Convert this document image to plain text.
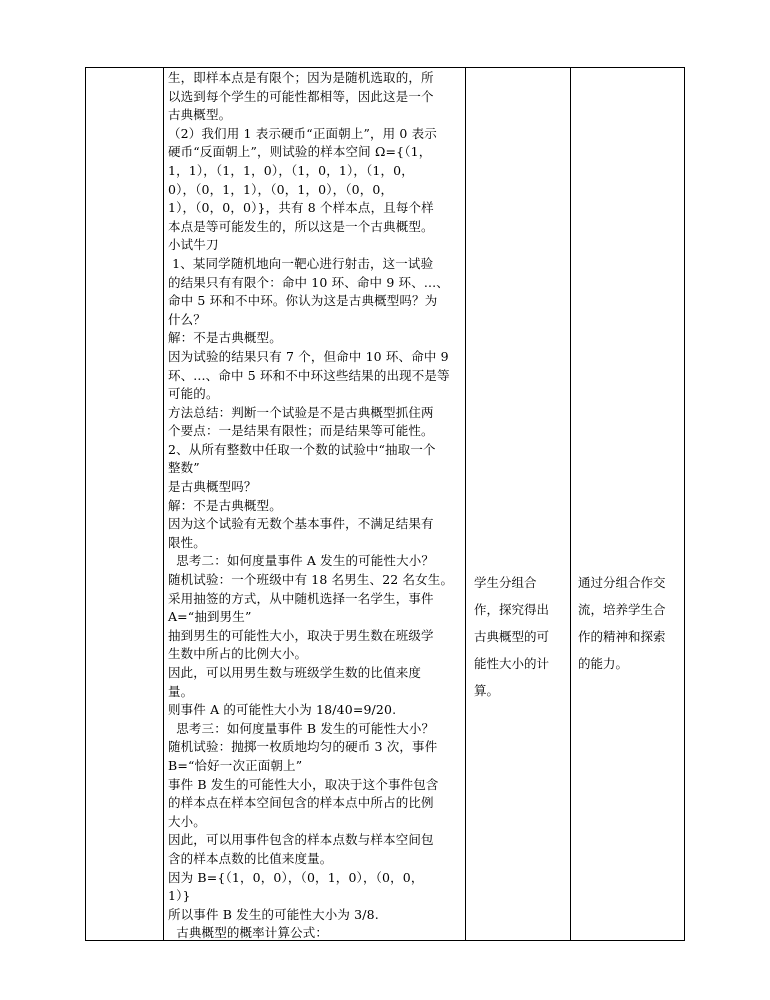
生，即样本点是有限个；因为是随机选取的，所
以选到每个学生的可能性都相等，因此这是一个
古典概型。
（2）我们用 1 表示硬币“正面朝上”，用 0 表示
硬币“反面朝上”，则试验的样本空间 Ω={（1，
1，1），（1，1，0），（1，0，1），（1，0，
0），（0，1，1），（0，1，0），（0，0，
1），（0，0，0）}，共有 8 个样本点，且每个样
本点是等可能发生的，所以这是一个古典概型。
小试牛刀
1、某同学随机地向一靶心进行射击，这一试验
的结果只有有限个：命中 10 环、命中 9 环、...、
命中 5 环和不中环。你认为这是古典概型吗？为
什么？
解：不是古典概型。
因为试验的结果只有 7 个，但命中 10 环、命中 9
环、...、命中 5 环和不中环这些结果的出现不是等
可能的。
方法总结：判断一个试验是不是古典概型抓住两
个要点：一是结果有限性；而是结果等可能性。
2、从所有整数中任取一个数的试验中“抽取一个
整数”
是古典概型吗？
解：不是古典概型。
因为这个试验有无数个基本事件，不满足结果有
限性。
思考二：如何度量事件 A 发生的可能性大小？
随机试验：一个班级中有 18 名男生、22 名女生。
采用抽签的方式，从中随机选择一名学生，事件
A=“抽到男生”
抽到男生的可能性大小，取决于男生数在班级学
生数中所占的比例大小。
因此，可以用男生数与班级学生数的比值来度
量。
则事件 A 的可能性大小为 18/40=9/20.
思考三：如何度量事件 B 发生的可能性大小？
随机试验：抛掷一枚质地均匀的硬币 3 次，事件
B=“恰好一次正面朝上”
事件 B 发生的可能性大小，取决于这个事件包含
的样本点在样本空间包含的样本点中所占的比例
大小。
因此，可以用事件包含的样本点数与样本空间包
含的样本点数的比值来度量。
因为 B={（1，0，0），（0，1，0），（0，0，
1）}
所以事件 B 发生的可能性大小为 3/8.
古典概型的概率计算公式：
学生分组合
作，探究得出
古典概型的可
能性大小的计
算。
通过分组合作交
流，培养学生合
作的精神和探索
的能力。
